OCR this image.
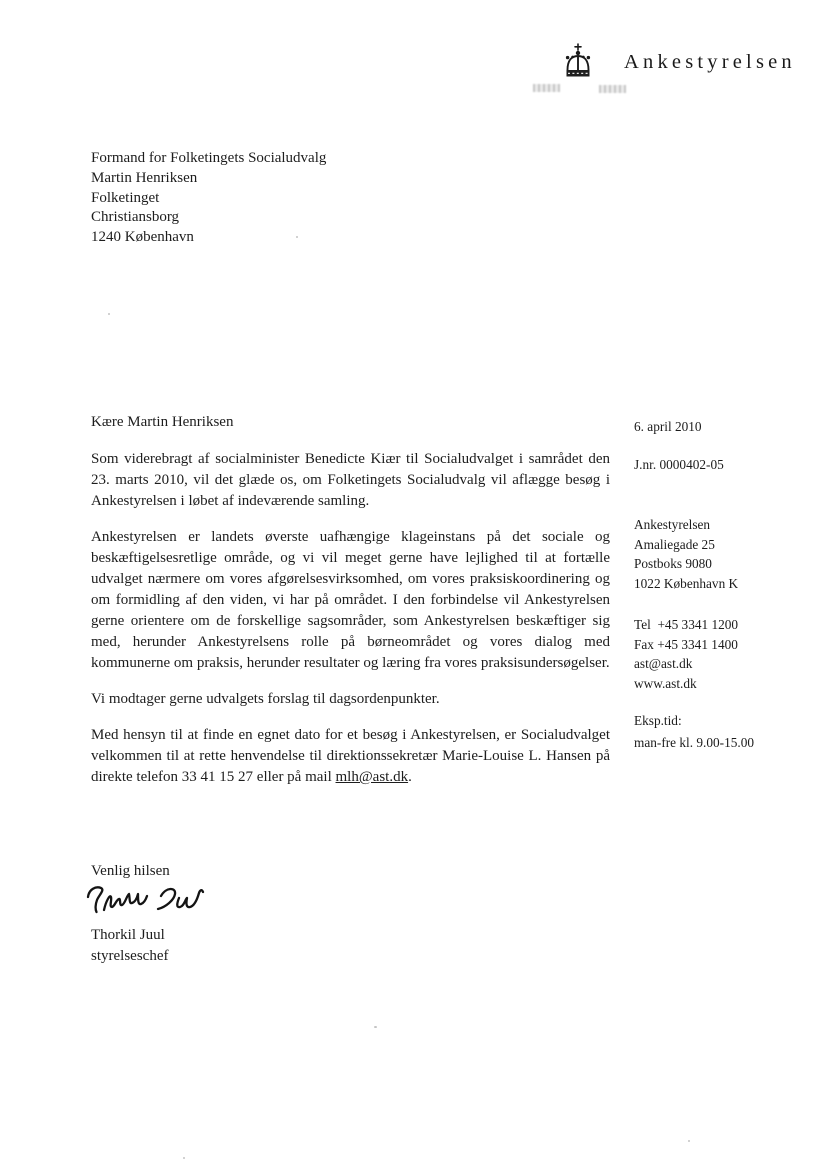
Ankestyrelsen
Formand for Folketingets Socialudvalg
Martin Henriksen
Folketinget
Christiansborg
1240 København
Kære Martin Henriksen

Som viderebragt af socialminister Benedicte Kiær til Socialudvalget i samrådet den 23. marts 2010, vil det glæde os, om Folketingets Socialudvalg vil aflægge besøg i Ankestyrelsen i løbet af indeværende samling.

Ankestyrelsen er landets øverste uafhængige klageinstans på det sociale og beskæftigelsesretlige område, og vi vil meget gerne have lejlighed til at fortælle udvalget nærmere om vores afgørelsesvirksomhed, om vores praksiskoordinering og om formidling af den viden, vi har på området. I den forbindelse vil Ankestyrelsen gerne orientere om de forskellige sagsområder, som Ankestyrelsen beskæftiger sig med, herunder Ankestyrelsens rolle på børneområdet og vores dialog med kommunerne om praksis, herunder resultater og læring fra vores praksisundersøgelser.

Vi modtager gerne udvalgets forslag til dagsordenpunkter.

Med hensyn til at finde en egnet dato for et besøg i Ankestyrelsen, er Socialudvalget velkommen til at rette henvendelse til direktionssekretær Marie-Louise L. Hansen på direkte telefon 33 41 15 27 eller på mail mlh@ast.dk.

Venlig hilsen
Thorkil Juul
styrelseschef
6. april 2010
J.nr. 0000402-05
Ankestyrelsen
Amaliegade 25
Postboks 9080
1022 København K
Tel  +45 3341 1200
Fax +45 3341 1400
ast@ast.dk
www.ast.dk
Eksp.tid:
man-fre kl. 9.00-15.00
